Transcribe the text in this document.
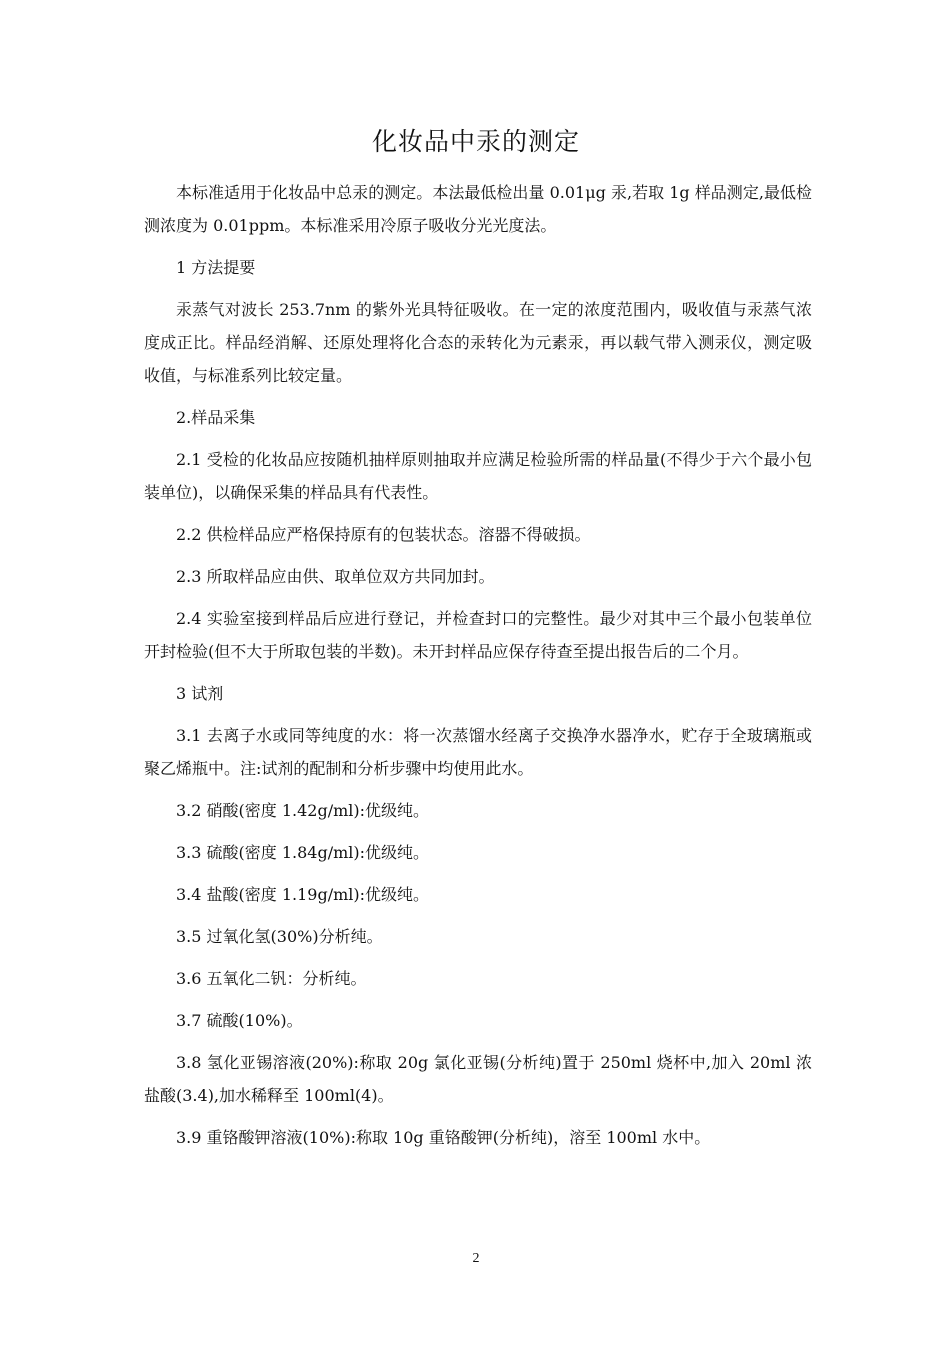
化妆品中汞的测定

本标准适用于化妆品中总汞的测定。本法最低检出量 0.01μg 汞,若取 1g 样品测定,最低检测浓度为 0.01ppm。本标准采用冷原子吸收分光光度法。

1 方法提要

汞蒸气对波长 253.7nm 的紫外光具特征吸收。在一定的浓度范围内，吸收值与汞蒸气浓度成正比。样品经消解、还原处理将化合态的汞转化为元素汞，再以载气带入测汞仪，测定吸收值，与标准系列比较定量。

2.样品采集

2.1 受检的化妆品应按随机抽样原则抽取并应满足检验所需的样品量(不得少于六个最小包装单位)，以确保采集的样品具有代表性。

2.2 供检样品应严格保持原有的包装状态。溶器不得破损。

2.3 所取样品应由供、取单位双方共同加封。

2.4 实验室接到样品后应进行登记，并检查封口的完整性。最少对其中三个最小包装单位开封检验(但不大于所取包装的半数)。未开封样品应保存待查至提出报告后的二个月。

3 试剂

3.1 去离子水或同等纯度的水：将一次蒸馏水经离子交换净水器净水，贮存于全玻璃瓶或聚乙烯瓶中。注:试剂的配制和分析步骤中均使用此水。

3.2 硝酸(密度 1.42g/ml):优级纯。

3.3 硫酸(密度 1.84g/ml):优级纯。

3.4 盐酸(密度 1.19g/ml):优级纯。

3.5 过氧化氢(30%)分析纯。

3.6 五氧化二钒：分析纯。

3.7 硫酸(10%)。

3.8 氢化亚锡溶液(20%):称取 20g 氯化亚锡(分析纯)置于 250ml 烧杯中,加入 20ml 浓盐酸(3.4),加水稀释至 100ml(4)。

3.9 重铬酸钾溶液(10%):称取 10g 重铬酸钾(分析纯)，溶至 100ml 水中。

2
